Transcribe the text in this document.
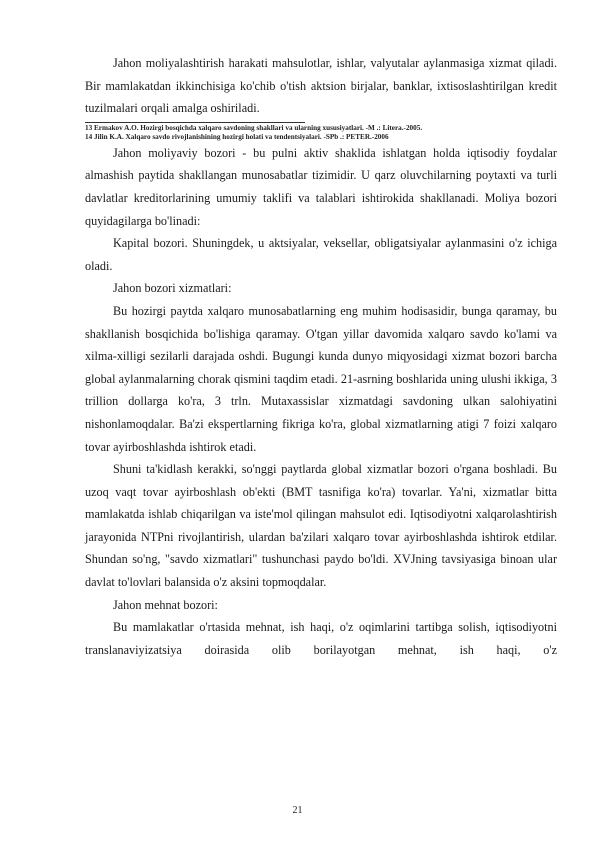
Jahon moliyalashtirish harakati mahsulotlar, ishlar, valyutalar aylanmasiga xizmat qiladi. Bir mamlakatdan ikkinchisiga ko'chib o'tish aktsion birjalar, banklar, ixtisoslashtirilgan kredit tuzilmalari orqali amalga oshiriladi.

13 Ermakov A.O. Hozirgi bosqichda xalqaro savdoning shakllari va ularning xususiyatlari. -M .: Litera.-2005.

14 Jilin K.A. Xalqaro savdo rivojlanishining hozirgi holati va tendentsiyalari. -SPb .: PETER.-2006

Jahon moliyaviy bozori - bu pulni aktiv shaklida ishlatgan holda iqtisodiy foydalar almashish paytida shakllangan munosabatlar tizimidir. U qarz oluvchilarning poytaxti va turli davlatlar kreditorlarining umumiy taklifi va talablari ishtirokida shakllanadi. Moliya bozori quyidagilarga bo'linadi:

Kapital bozori. Shuningdek, u aktsiyalar, veksellar, obligatsiyalar aylanmasini o'z ichiga oladi.

Jahon bozori xizmatlari:

Bu hozirgi paytda xalqaro munosabatlarning eng muhim hodisasidir, bunga qaramay, bu shakllanish bosqichida bo'lishiga qaramay. O'tgan yillar davomida xalqaro savdo ko'lami va xilma-xilligi sezilarli darajada oshdi. Bugungi kunda dunyo miqyosidagi xizmat bozori barcha global aylanmalarning chorak qismini taqdim etadi. 21-asrning boshlarida uning ulushi ikkiga, 3 trillion dollarga ko'ra, 3 trln. Mutaxassislar xizmatdagi savdoning ulkan salohiyatini nishonlamoqdalar. Ba'zi ekspertlarning fikriga ko'ra, global xizmatlarning atigi 7 foizi xalqaro tovar ayirboshlashda ishtirok etadi.

Shuni ta'kidlash kerakki, so'nggi paytlarda global xizmatlar bozori o'rgana boshladi. Bu uzoq vaqt tovar ayirboshlash ob'ekti (BMT tasnifiga ko'ra) tovarlar. Ya'ni, xizmatlar bitta mamlakatda ishlab chiqarilgan va iste'mol qilingan mahsulot edi. Iqtisodiyotni xalqarolashtirish jarayonida NTPni rivojlantirish, ulardan ba'zilari xalqaro tovar ayirboshlashda ishtirok etdilar. Shundan so'ng, "savdo xizmatlari" tushunchasi paydo bo'ldi. XVJning tavsiyasiga binoan ular davlat to'lovlari balansida o'z aksini topmoqdalar.

Jahon mehnat bozori:

Bu mamlakatlar o'rtasida mehnat, ish haqi, o'z oqimlarini tartibga solish, iqtisodiyotni translanaviyizatsiya doirasida olib borilayotgan mehnat, ish haqi, o'z

21
